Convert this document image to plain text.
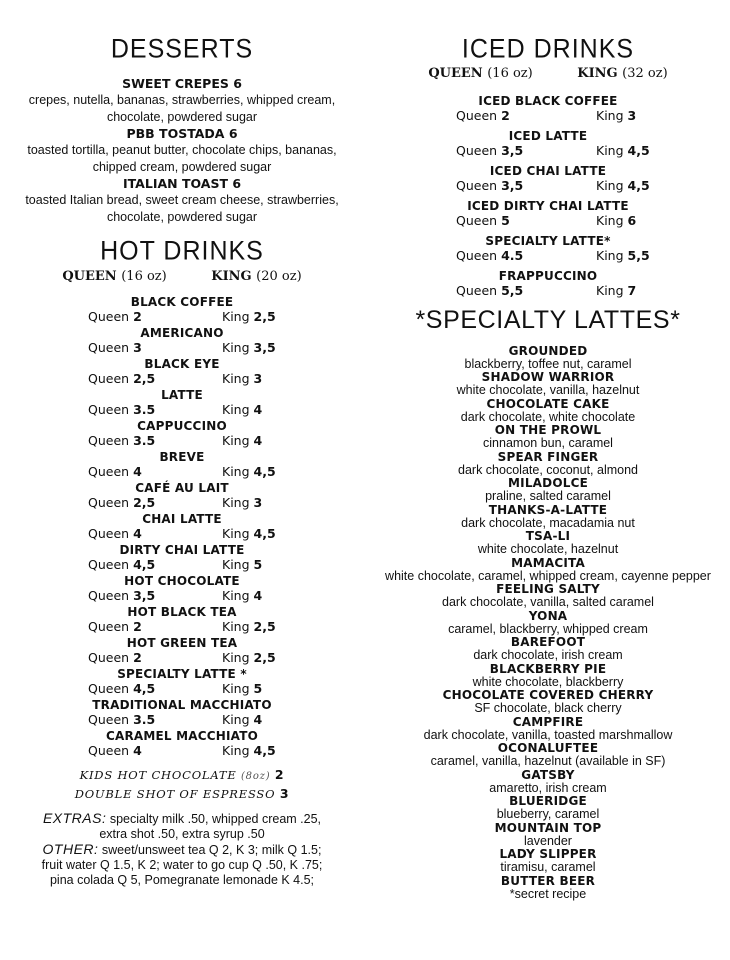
DESSERTS
SWEET CREPES 6
crepes, nutella, bananas, strawberries, whipped cream,
chocolate, powdered sugar
PBB TOSTADA 6
toasted tortilla, peanut butter, chocolate chips, bananas,
chipped cream, powdered sugar
ITALIAN TOAST 6
toasted Italian bread, sweet cream cheese, strawberries,
chocolate, powdered sugar
HOT DRINKS
QUEEN (16 oz)	KING (20 oz)
BLACK COFFEE
Queen 2	King 2,5
AMERICANO
Queen 3	King 3,5
BLACK EYE
Queen 2,5	King 3
LATTE
Queen 3.5	King 4
CAPPUCCINO
Queen 3.5	King 4
BREVE
Queen 4	King 4,5
CAFÉ AU LAIT
Queen 2,5	King 3
CHAI LATTE
Queen 4	King 4,5
DIRTY CHAI LATTE
Queen 4,5	King 5
HOT CHOCOLATE
Queen 3,5	King 4
HOT BLACK TEA
Queen 2	King 2,5
HOT GREEN TEA
Queen 2	King 2,5
SPECIALTY LATTE *
Queen 4,5	King 5
TRADITIONAL MACCHIATO
Queen 3.5	King 4
CARAMEL MACCHIATO
Queen 4	King 4,5
KIDS HOT CHOCOLATE (8oz) 2
DOUBLE SHOT OF ESPRESSO 3
EXTRAS: specialty milk .50, whipped cream .25,
extra shot .50, extra syrup .50
OTHER: sweet/unsweet tea Q 2, K 3; milk Q 1.5;
fruit water Q 1.5, K 2; water to go cup Q .50, K .75;
pina colada Q 5, Pomegranate lemonade K 4.5;
ICED DRINKS
QUEEN (16 oz)	KING (32 oz)
ICED BLACK COFFEE
Queen 2	King 3
ICED LATTE
Queen 3,5	King 4,5
ICED CHAI LATTE
Queen 3,5	King 4,5
ICED DIRTY CHAI LATTE
Queen 5	King 6
SPECIALTY LATTE*
Queen 4.5	King 5,5
FRAPPUCCINO
Queen 5,5	King 7
*SPECIALTY LATTES*
GROUNDED
blackberry, toffee nut, caramel
SHADOW WARRIOR
white chocolate, vanilla, hazelnut
CHOCOLATE CAKE
dark chocolate, white chocolate
ON THE PROWL
cinnamon bun, caramel
SPEAR FINGER
dark chocolate, coconut, almond
MILADOLCE
praline, salted caramel
THANKS-A-LATTE
dark chocolate, macadamia nut
TSA-LI
white chocolate, hazelnut
MAMACITA
white chocolate, caramel, whipped cream, cayenne pepper
FEELING SALTY
dark chocolate, vanilla, salted caramel
YONA
caramel, blackberry, whipped cream
BAREFOOT
dark chocolate, irish cream
BLACKBERRY PIE
white chocolate, blackberry
CHOCOLATE COVERED CHERRY
SF chocolate, black cherry
CAMPFIRE
dark chocolate, vanilla, toasted marshmallow
OCONALUFTEE
caramel, vanilla, hazelnut (available in SF)
GATSBY
amaretto, irish cream
BLUERIDGE
blueberry, caramel
MOUNTAIN TOP
lavender
LADY SLIPPER
tiramisu, caramel
BUTTER BEER
*secret recipe
